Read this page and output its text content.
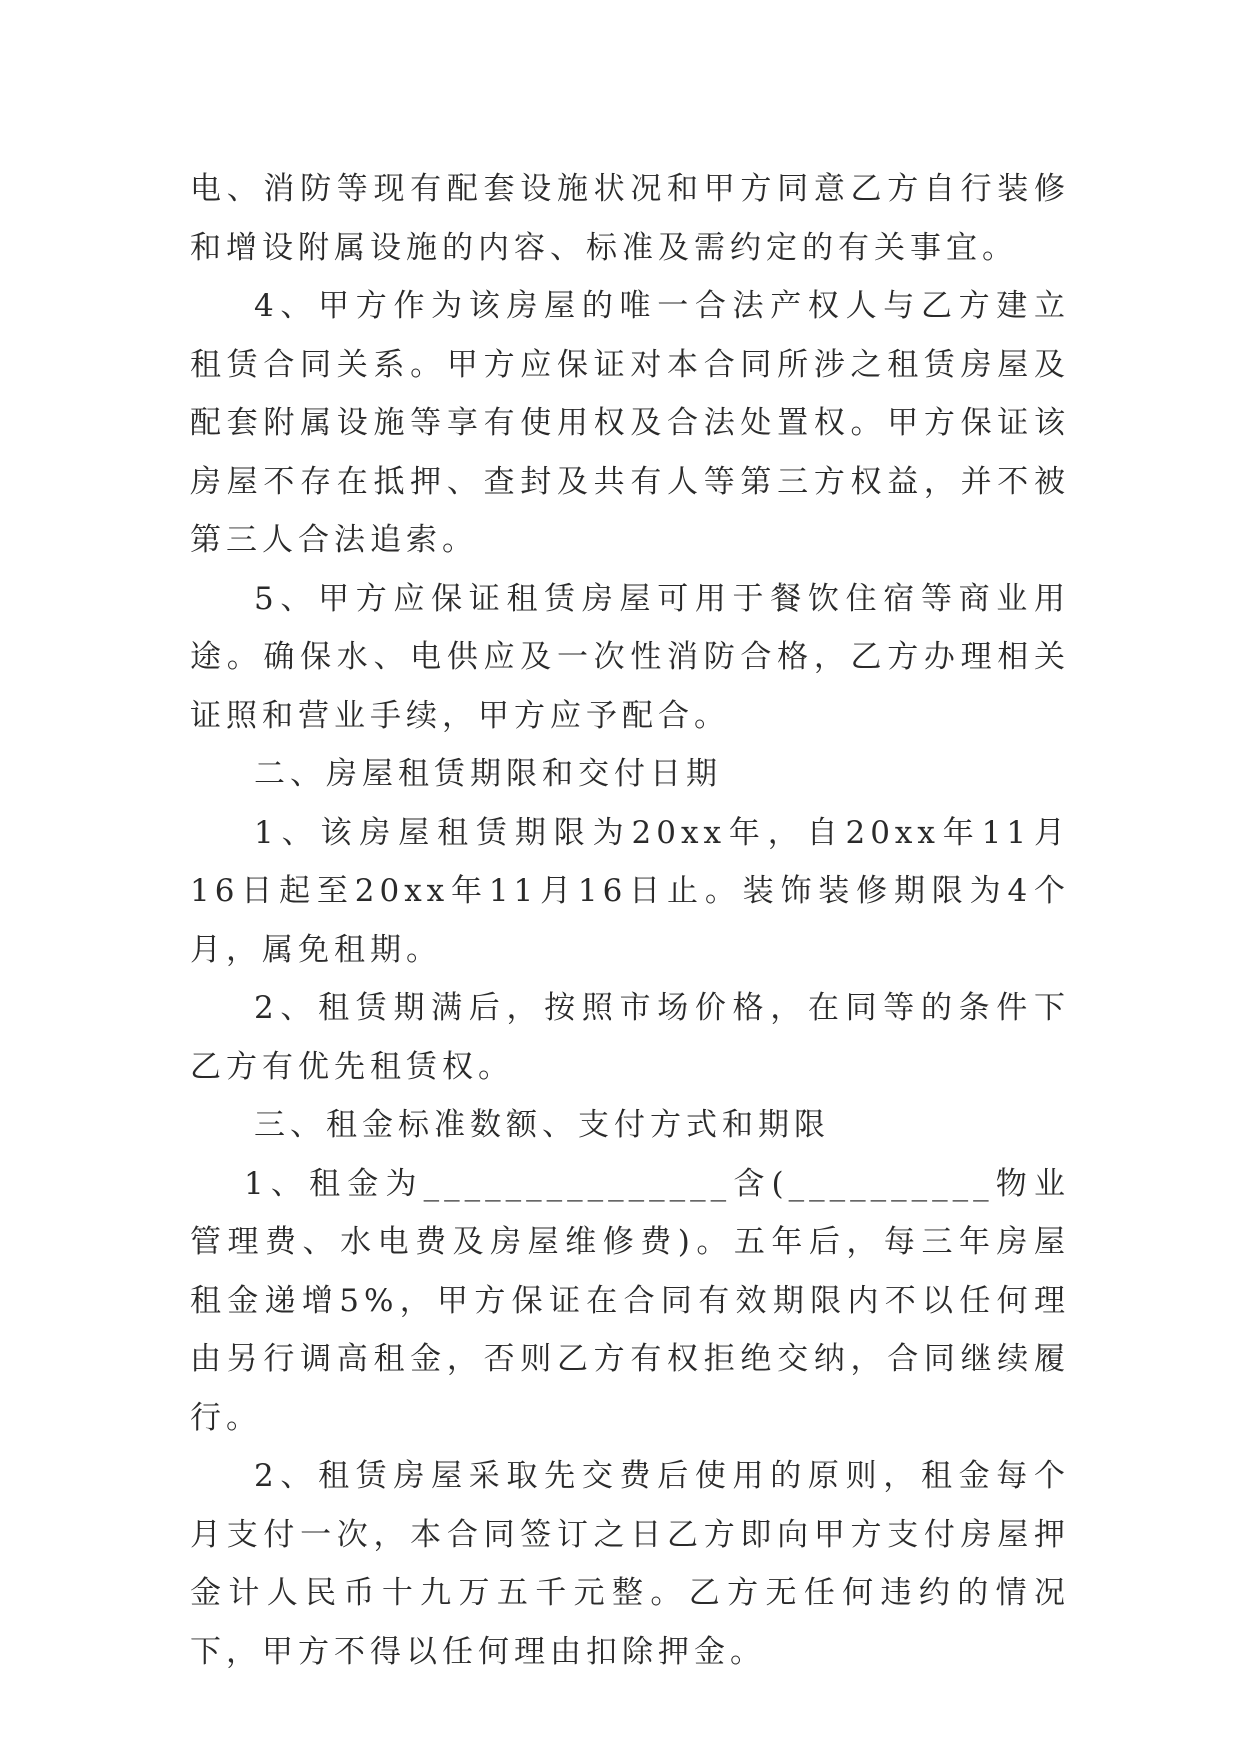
电、消防等现有配套设施状况和甲方同意乙方自行装修和增设附属设施的内容、标准及需约定的有关事宜。

4、甲方作为该房屋的唯一合法产权人与乙方建立租赁合同关系。甲方应保证对本合同所涉之租赁房屋及配套附属设施等享有使用权及合法处置权。甲方保证该房屋不存在抵押、查封及共有人等第三方权益，并不被第三人合法追索。

5、甲方应保证租赁房屋可用于餐饮住宿等商业用途。确保水、电供应及一次性消防合格，乙方办理相关证照和营业手续，甲方应予配合。

二、房屋租赁期限和交付日期

1、该房屋租赁期限为20xx年，自20xx年11月16日起至20xx年11月16日止。装饰装修期限为4个月，属免租期。

2、租赁期满后，按照市场价格，在同等的条件下乙方有优先租赁权。

三、租金标准数额、支付方式和期限

1、租金为_______________含(__________物业管理费、水电费及房屋维修费)。五年后，每三年房屋租金递增5%，甲方保证在合同有效期限内不以任何理由另行调高租金，否则乙方有权拒绝交纳，合同继续履行。

2、租赁房屋采取先交费后使用的原则，租金每个月支付一次，本合同签订之日乙方即向甲方支付房屋押金计人民币十九万五千元整。乙方无任何违约的情况下，甲方不得以任何理由扣除押金。
